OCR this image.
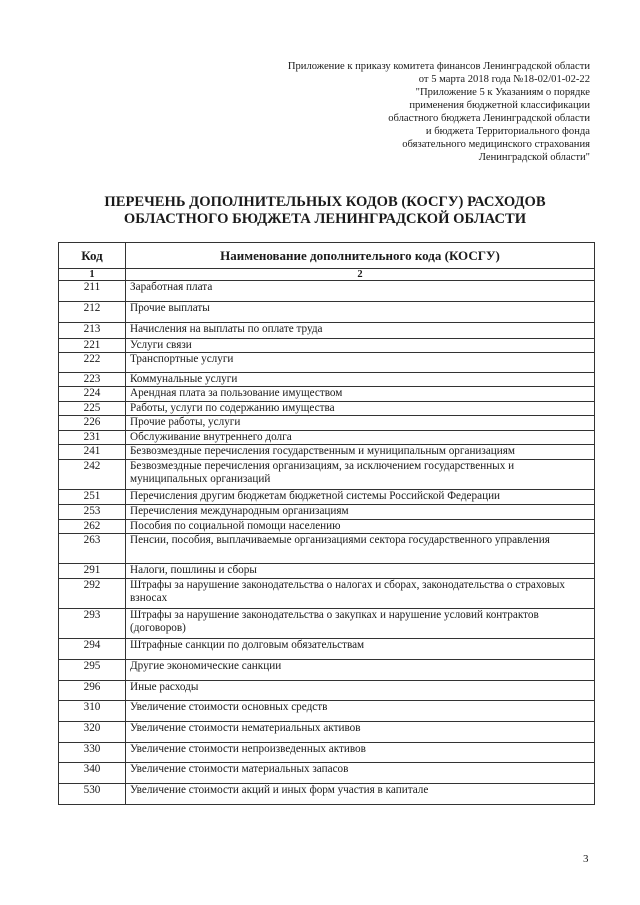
Приложение к приказу комитета финансов Ленинградской области
от 5 марта 2018 года №18-02/01-02-22
"Приложение 5 к Указаниям о порядке
применения бюджетной классификации
областного бюджета Ленинградской области
и бюджета Территориального фонда
обязательного медицинского страхования
Ленинградской области"
ПЕРЕЧЕНЬ ДОПОЛНИТЕЛЬНЫХ КОДОВ (КОСГУ) РАСХОДОВ
ОБЛАСТНОГО БЮДЖЕТА ЛЕНИНГРАДСКОЙ ОБЛАСТИ
Код	Наименование дополнительного кода (КОСГУ)
1	2
211	Заработная плата
212	Прочие выплаты
213	Начисления на выплаты по оплате труда
221	Услуги связи
222	Транспортные услуги
223	Коммунальные услуги
224	Арендная плата за пользование имуществом
225	Работы, услуги по содержанию имущества
226	Прочие работы, услуги
231	Обслуживание внутреннего долга
241	Безвозмездные перечисления государственным и муниципальным организациям
242	Безвозмездные перечисления организациям, за исключением государственных и муниципальных организаций
251	Перечисления другим бюджетам бюджетной системы Российской Федерации
253	Перечисления международным организациям
262	Пособия по социальной помощи населению
263	Пенсии, пособия, выплачиваемые организациями сектора государственного управления
291	Налоги, пошлины и сборы
292	Штрафы за нарушение законодательства о налогах и сборах, законодательства о страховых взносах
293	Штрафы за нарушение законодательства о закупках и нарушение условий контрактов (договоров)
294	Штрафные санкции по долговым обязательствам
295	Другие экономические санкции
296	Иные расходы
310	Увеличение стоимости основных средств
320	Увеличение стоимости нематериальных активов
330	Увеличение стоимости непроизведенных активов
340	Увеличение стоимости материальных запасов
530	Увеличение стоимости акций и иных форм участия в капитале
3
